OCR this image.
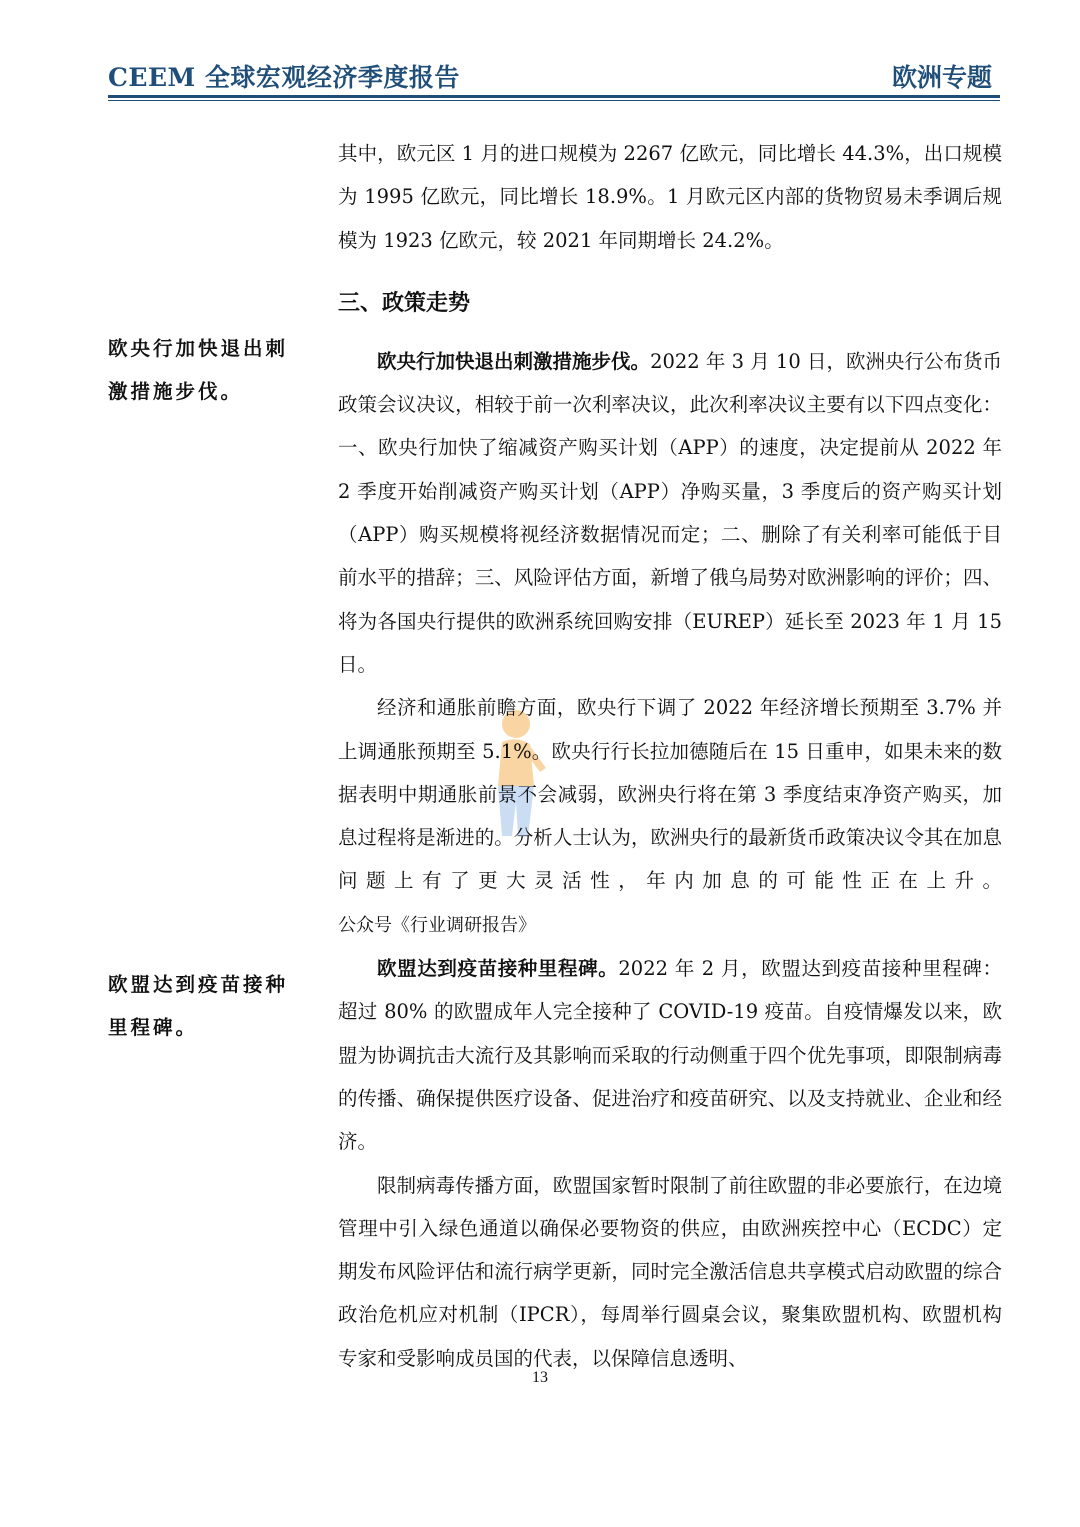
CEEM 全球宏观经济季度报告	欧洲专题
欧央行加快退出刺
激措施步伐。
欧盟达到疫苗接种
里程碑。

其中，欧元区 1 月的进口规模为 2267 亿欧元，同比增长 44.3%，出口规模为 1995 亿欧元，同比增长 18.9%。1 月欧元区内部的货物贸易未季调后规模为 1923 亿欧元，较 2021 年同期增长 24.2%。

三、政策走势

欧央行加快退出刺激措施步伐。2022 年 3 月 10 日，欧洲央行公布货币政策会议决议，相较于前一次利率决议，此次利率决议主要有以下四点变化：一、欧央行加快了缩减资产购买计划（APP）的速度，决定提前从 2022 年 2 季度开始削减资产购买计划（APP）净购买量，3 季度后的资产购买计划（APP）购买规模将视经济数据情况而定；二、删除了有关利率可能低于目前水平的措辞；三、风险评估方面，新增了俄乌局势对欧洲影响的评价；四、将为各国央行提供的欧洲系统回购安排（EUREP）延长至 2023 年 1 月 15 日。

经济和通胀前瞻方面，欧央行下调了 2022 年经济增长预期至 3.7% 并上调通胀预期至 5.1%。欧央行行长拉加德随后在 15 日重申，如果未来的数据表明中期通胀前景不会减弱，欧洲央行将在第 3 季度结束净资产购买，加息过程将是渐进的。分析人士认为，欧洲央行的最新货币政策决议令其在加息问题上有了更大灵活性，年内加息的可能性正在上升。公众号《行业调研报告》

欧盟达到疫苗接种里程碑。2022 年 2 月，欧盟达到疫苗接种里程碑：超过 80% 的欧盟成年人完全接种了 COVID-19 疫苗。自疫情爆发以来，欧盟为协调抗击大流行及其影响而采取的行动侧重于四个优先事项，即限制病毒的传播、确保提供医疗设备、促进治疗和疫苗研究、以及支持就业、企业和经济。

限制病毒传播方面，欧盟国家暂时限制了前往欧盟的非必要旅行，在边境管理中引入绿色通道以确保必要物资的供应，由欧洲疾控中心（ECDC）定期发布风险评估和流行病学更新，同时完全激活信息共享模式启动欧盟的综合政治危机应对机制（IPCR），每周举行圆桌会议，聚集欧盟机构、欧盟机构专家和受影响成员国的代表，以保障信息透明、

13
